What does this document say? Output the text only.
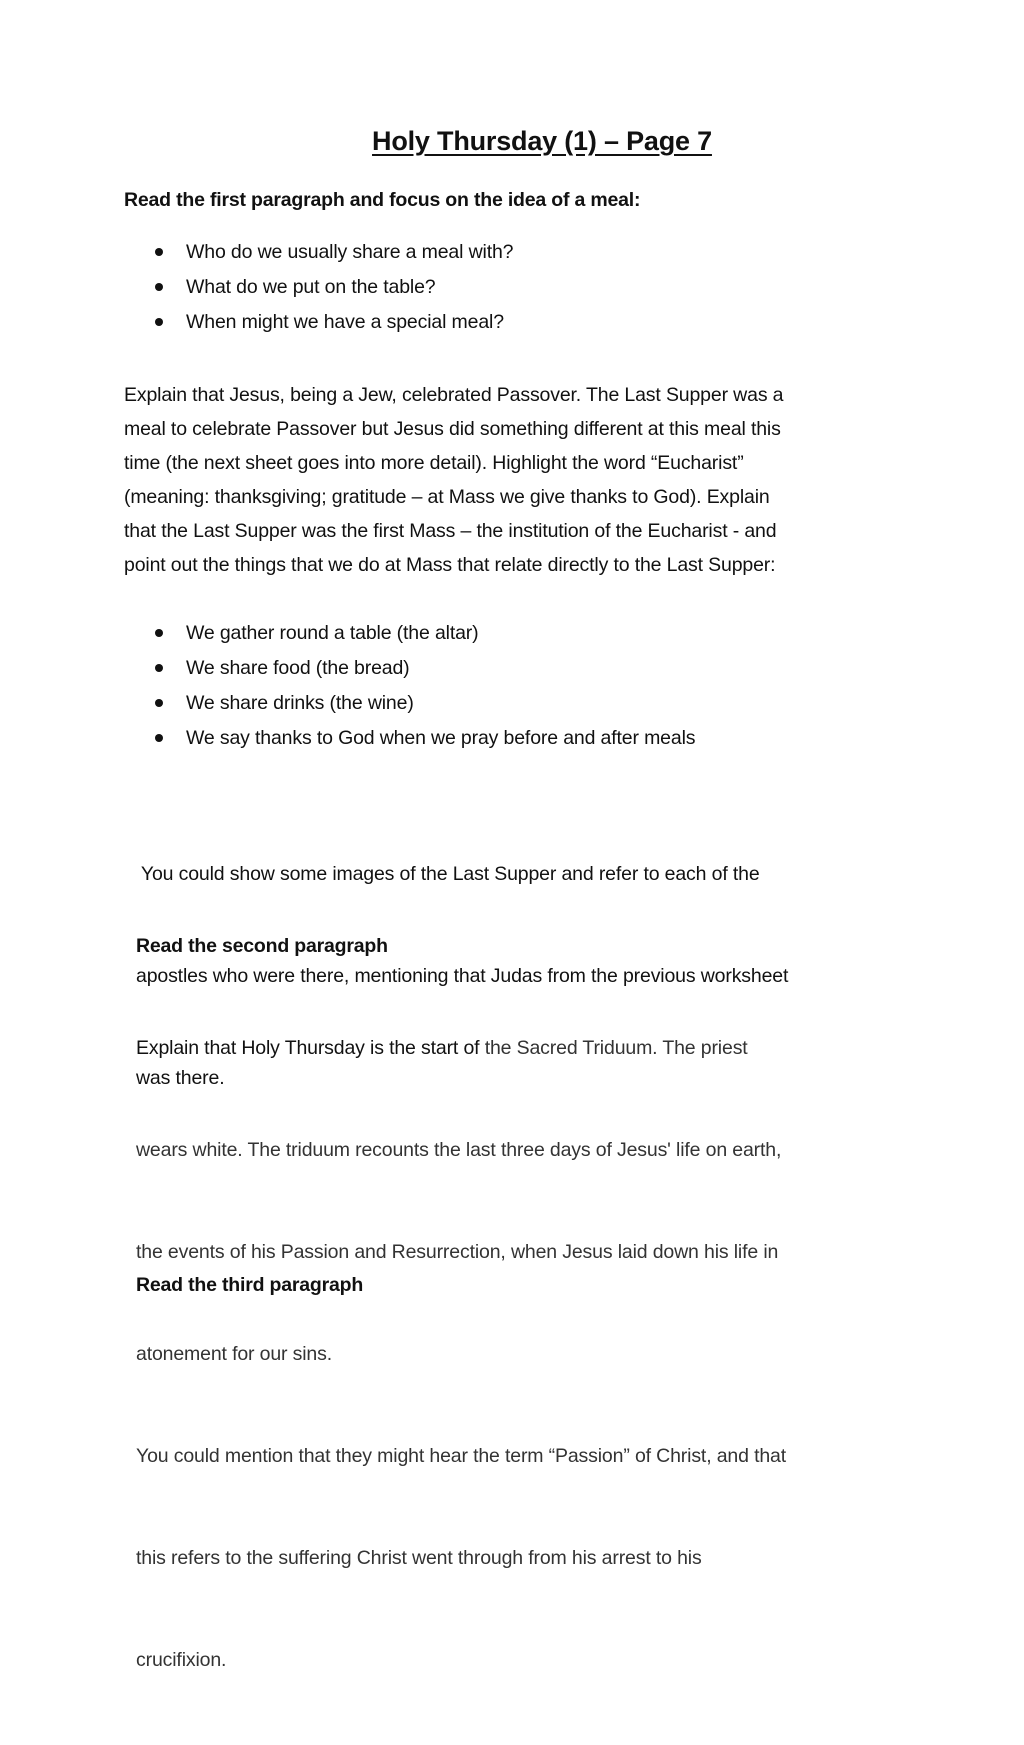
Holy Thursday (1) – Page 7
Read the first paragraph and focus on the idea of a meal:
Who do we usually share a meal with?
What do we put on the table?
When might we have a special meal?
Explain that Jesus, being a Jew, celebrated Passover. The Last Supper was a
meal to celebrate Passover but Jesus did something different at this meal this
time (the next sheet goes into more detail). Highlight the word “Eucharist”
(meaning: thanksgiving; gratitude – at Mass we give thanks to God). Explain
that the Last Supper was the first Mass – the institution of the Eucharist - and
point out the things that we do at Mass that relate directly to the Last Supper:
We gather round a table (the altar)
We share food (the bread)
We share drinks (the wine)
We say thanks to God when we pray before and after meals

You could show some images of the Last Supper and refer to each of the

apostles who were there, mentioning that Judas from the previous worksheet

was there.

Read the second paragraph

Explain that Holy Thursday is the start of the Sacred Triduum. The priest

wears white. The triduum recounts the last three days of Jesus' life on earth,

the events of his Passion and Resurrection, when Jesus laid down his life in

atonement for our sins.

You could mention that they might hear the term “Passion” of Christ, and that

this refers to the suffering Christ went through from his arrest to his

crucifixion.

Read the third paragraph
